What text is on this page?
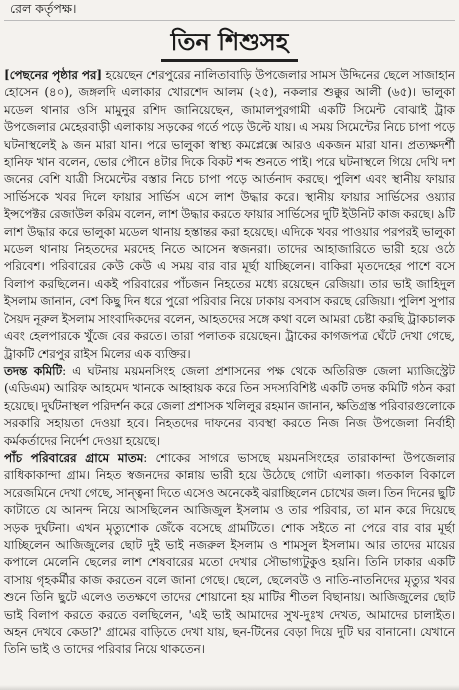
রেল কর্তৃপক্ষ।
তিন শিশুসহ

[পেছনের পৃষ্ঠার পর] হয়েছেন শেরপুরের নালিতাবাড়ি উপজেলার সামস উদ্দিনের ছেলে সাজাহান হোসেন (৪০), জঙ্গলদি এলাকার খোরশেদ আলম (২৫), নকলার শুক্কুর আলী (৬৫)। ভালুকা মডেল থানার ওসি মামুনুর রশিদ জানিয়েছেন, জামালপুরগামী একটি সিমেন্ট বোঝাই ট্রাক উপজেলার মেহেরবাড়ী এলাকায় সড়কের গর্তে পড়ে উল্টে যায়। এ সময় সিমেন্টের নিচে চাপা পড়ে ঘটনাস্থলেই ৯ জন মারা যান। পরে ভালুকা স্বাস্থ্য কমপ্লেক্সে আরও একজন মারা যান। প্রত্যক্ষদর্শী হানিফ খান বলেন, ভোর পৌনে ৪টার দিকে বিকট শব্দ শুনতে পাই। পরে ঘটনাস্থলে গিয়ে দেখি দশ জনের বেশি যাত্রী সিমেন্টের বস্তার নিচে চাপা পড়ে আর্তনাদ করছে। পুলিশ এবং স্থানীয় ফায়ার সার্ভিসকে খবর দিলে ফায়ার সার্ভিস এসে লাশ উদ্ধার করে। স্থানীয় ফায়ার সার্ভিসের ওয়্যার ইন্সপেক্টর রেজাউল করিম বলেন, লাশ উদ্ধার করতে ফায়ার সার্ভিসের দুটি ইউনিট কাজ করছে। ৯টি লাশ উদ্ধার করে ভালুকা মডেল থানায় হস্তান্তর করা হয়েছে। এদিকে খবর পাওয়ার পরপরই ভালুকা মডেল থানায় নিহতদের মরদেহ নিতে আসেন স্বজনরা। তাদের আহাজারিতে ভারী হয়ে ওঠে পরিবেশ। পরিবারের কেউ কেউ এ সময় বার বার মূর্ছা যাচ্ছিলেন। বাকিরা মৃতদেহের পাশে বসে বিলাপ করছিলেন। একই পরিবারের পাঁচজন নিহতের মধ্যে রয়েছেন রেজিয়া। তার ভাই জাহিদুল ইসলাম জানান, বেশ কিছু দিন ধরে পুরো পরিবার নিয়ে ঢাকায় বসবাস করছে রেজিয়া। পুলিশ সুপার সৈয়দ নূরুল ইসলাম সাংবাদিকদের বলেন, আহতদের সঙ্গে কথা বলে আমরা চেষ্টা করছি ট্রাকচালক এবং হেলপারকে খুঁজে বের করতে। তারা পলাতক রয়েছেন। ট্রাকের কাগজপত্র ঘেঁটে দেখা গেছে, ট্রাকটি শেরপুর রাইস মিলের এক ব্যক্তির।

তদন্ত কমিটি: এ ঘটনায় ময়মনসিংহ জেলা প্রশাসনের পক্ষ থেকে অতিরিক্ত জেলা ম্যাজিস্ট্রেট (এডিএম) আরিফ আহমেদ খানকে আহ্বায়ক করে তিন সদস্যবিশিষ্ট একটি তদন্ত কমিটি গঠন করা হয়েছে। দুর্ঘটনাস্থল পরিদর্শন করে জেলা প্রশাসক খলিলুর রহমান জানান, ক্ষতিগ্রস্ত পরিবারগুলোকে সরকারি সহায়তা দেওয়া হবে। নিহতদের দাফনের ব্যবস্থা করতে নিজ নিজ উপজেলা নির্বাহী কর্মকর্তাদের নির্দেশ দেওয়া হয়েছে।

পাঁচ পরিবারের গ্রামে মাতম: শোকের সাগরে ভাসছে ময়মনসিংহের তারাকান্দা উপজেলার রাধিকাকান্দা গ্রাম। নিহত স্বজনদের কান্নায় ভারী হয়ে উঠেছে গোটা এলাকা। গতকাল বিকালে সরেজমিনে দেখা গেছে, সান্ত্বনা দিতে এসেও অনেকেই ঝরাচ্ছিলেন চোখের জল। তিন দিনের ছুটি কাটাতে যে আনন্দ নিয়ে আসছিলেন আজিজুল ইসলাম ও তার পরিবার, তা মান করে দিয়েছে সড়ক দুর্ঘটনা। এখন মৃত্যুশোক জেঁকে বসেছে গ্রামটিতে। শোক সইতে না পেরে বার বার মূর্ছা যাচ্ছিলেন আজিজুলের ছোট দুই ভাই নজরুল ইসলাম ও শামসুল ইসলাম। আর তাদের মায়ের কপালে মেলেনি ছেলের লাশ শেষবারের মতো দেখার সৌভাগ্যটুকুও হয়নি। তিনি ঢাকার একটি বাসায় গৃহকর্মীর কাজ করতেন বলে জানা গেছে। ছেলে, ছেলেবউ ও নাতি-নাতনিদের মৃত্যুর খবর শুনে তিনি ছুটে এলেও ততক্ষণে তাদের শোয়ানো হয় মাটির শীতল বিছানায়। আজিজুলের ছোট ভাই বিলাপ করতে করতে বলছিলেন, 'এই ভাই আমাদের সুখ-দুঃখ দেখত, আমাদের চালাইত। অহন দেখবে কেডা?' গ্রামের বাড়িতে দেখা যায়, ছন-টিনের বেড়া দিয়ে দুটি ঘর বানানো। যেখানে তিনি ভাই ও তাদের পরিবার নিয়ে থাকতেন।
